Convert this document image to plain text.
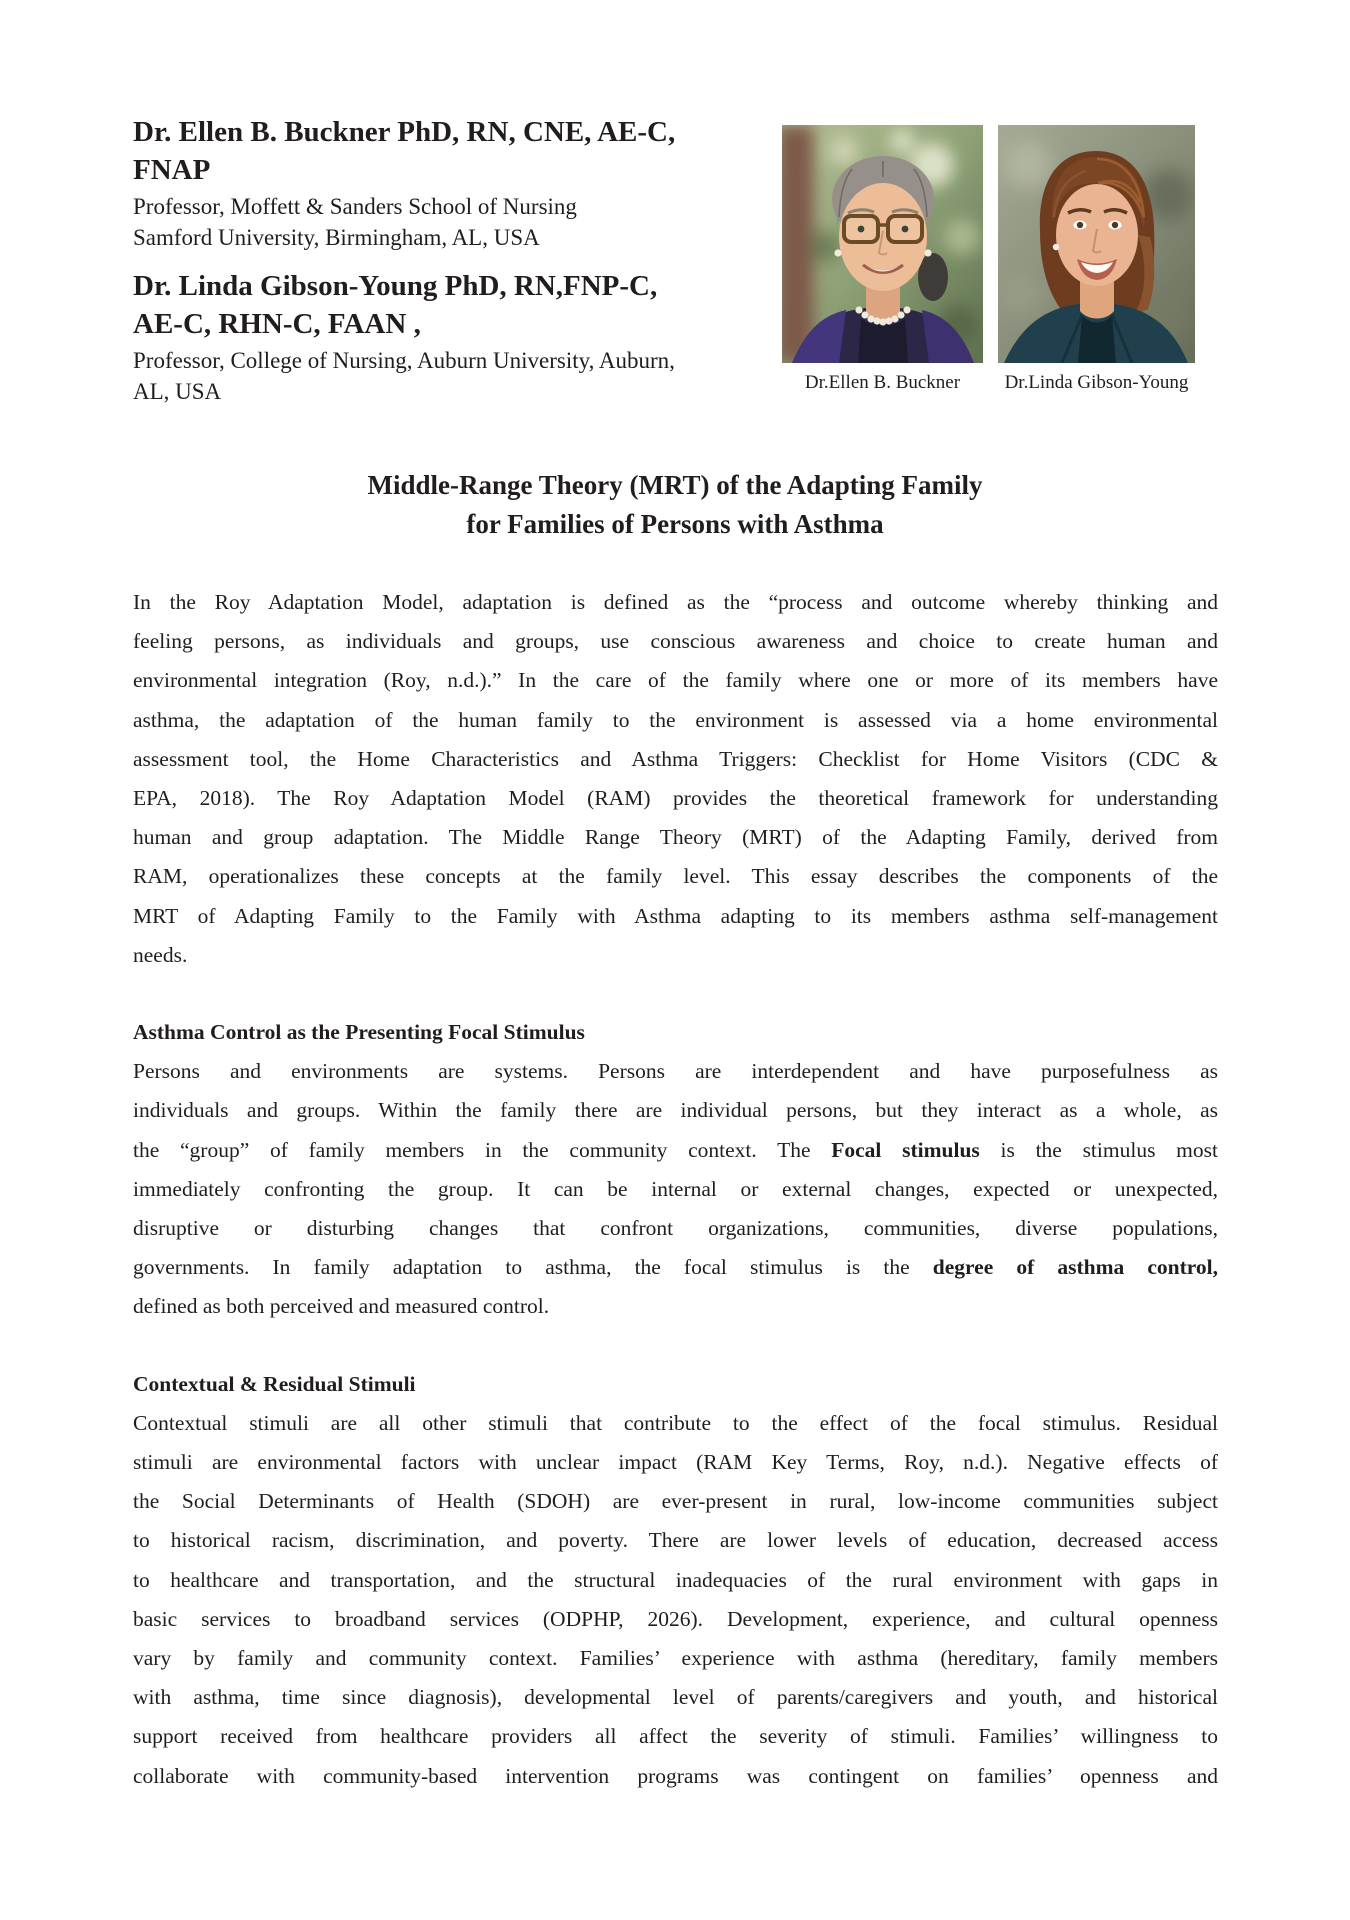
Dr. Ellen B. Buckner PhD, RN, CNE, AE-C,
FNAP
Professor, Moffett & Sanders School of Nursing
Samford University, Birmingham, AL, USA
Dr. Linda Gibson-Young PhD, RN,FNP-C,
AE-C, RHN-C, FAAN ,
Professor, College of Nursing, Auburn University, Auburn,
AL, USA	Dr.Ellen B. Buckner	Dr.Linda Gibson-Young
Middle-Range Theory (MRT) of the Adapting Family
for Families of Persons with Asthma
In the Roy Adaptation Model, adaptation is defined as the “process and outcome whereby thinking and
feeling persons, as individuals and groups, use conscious awareness and choice to create human and
environmental integration (Roy, n.d.).” In the care of the family where one or more of its members have
asthma, the adaptation of the human family to the environment is assessed via a home environmental
assessment tool, the Home Characteristics and Asthma Triggers: Checklist for Home Visitors (CDC &
EPA, 2018). The Roy Adaptation Model (RAM) provides the theoretical framework for understanding
human and group adaptation. The Middle Range Theory (MRT) of the Adapting Family, derived from
RAM, operationalizes these concepts at the family level. This essay describes the components of the
MRT of Adapting Family to the Family with Asthma adapting to its members asthma self-management
needs.
Asthma Control as the Presenting Focal Stimulus
Persons and environments are systems. Persons are interdependent and have purposefulness as
individuals and groups. Within the family there are individual persons, but they interact as a whole, as
the “group” of family members in the community context. The Focal stimulus is the stimulus most
immediately confronting the group. It can be internal or external changes, expected or unexpected,
disruptive or disturbing changes that confront organizations, communities, diverse populations,
governments. In family adaptation to asthma, the focal stimulus is the degree of asthma control,
defined as both perceived and measured control.
Contextual & Residual Stimuli
Contextual stimuli are all other stimuli that contribute to the effect of the focal stimulus. Residual
stimuli are environmental factors with unclear impact (RAM Key Terms, Roy, n.d.). Negative effects of
the Social Determinants of Health (SDOH) are ever-present in rural, low-income communities subject
to historical racism, discrimination, and poverty. There are lower levels of education, decreased access
to healthcare and transportation, and the structural inadequacies of the rural environment with gaps in
basic services to broadband services (ODPHP, 2026). Development, experience, and cultural openness
vary by family and community context. Families’ experience with asthma (hereditary, family members
with asthma, time since diagnosis), developmental level of parents/caregivers and youth, and historical
support received from healthcare providers all affect the severity of stimuli. Families’ willingness to
collaborate with community-based intervention programs was contingent on families’ openness and
